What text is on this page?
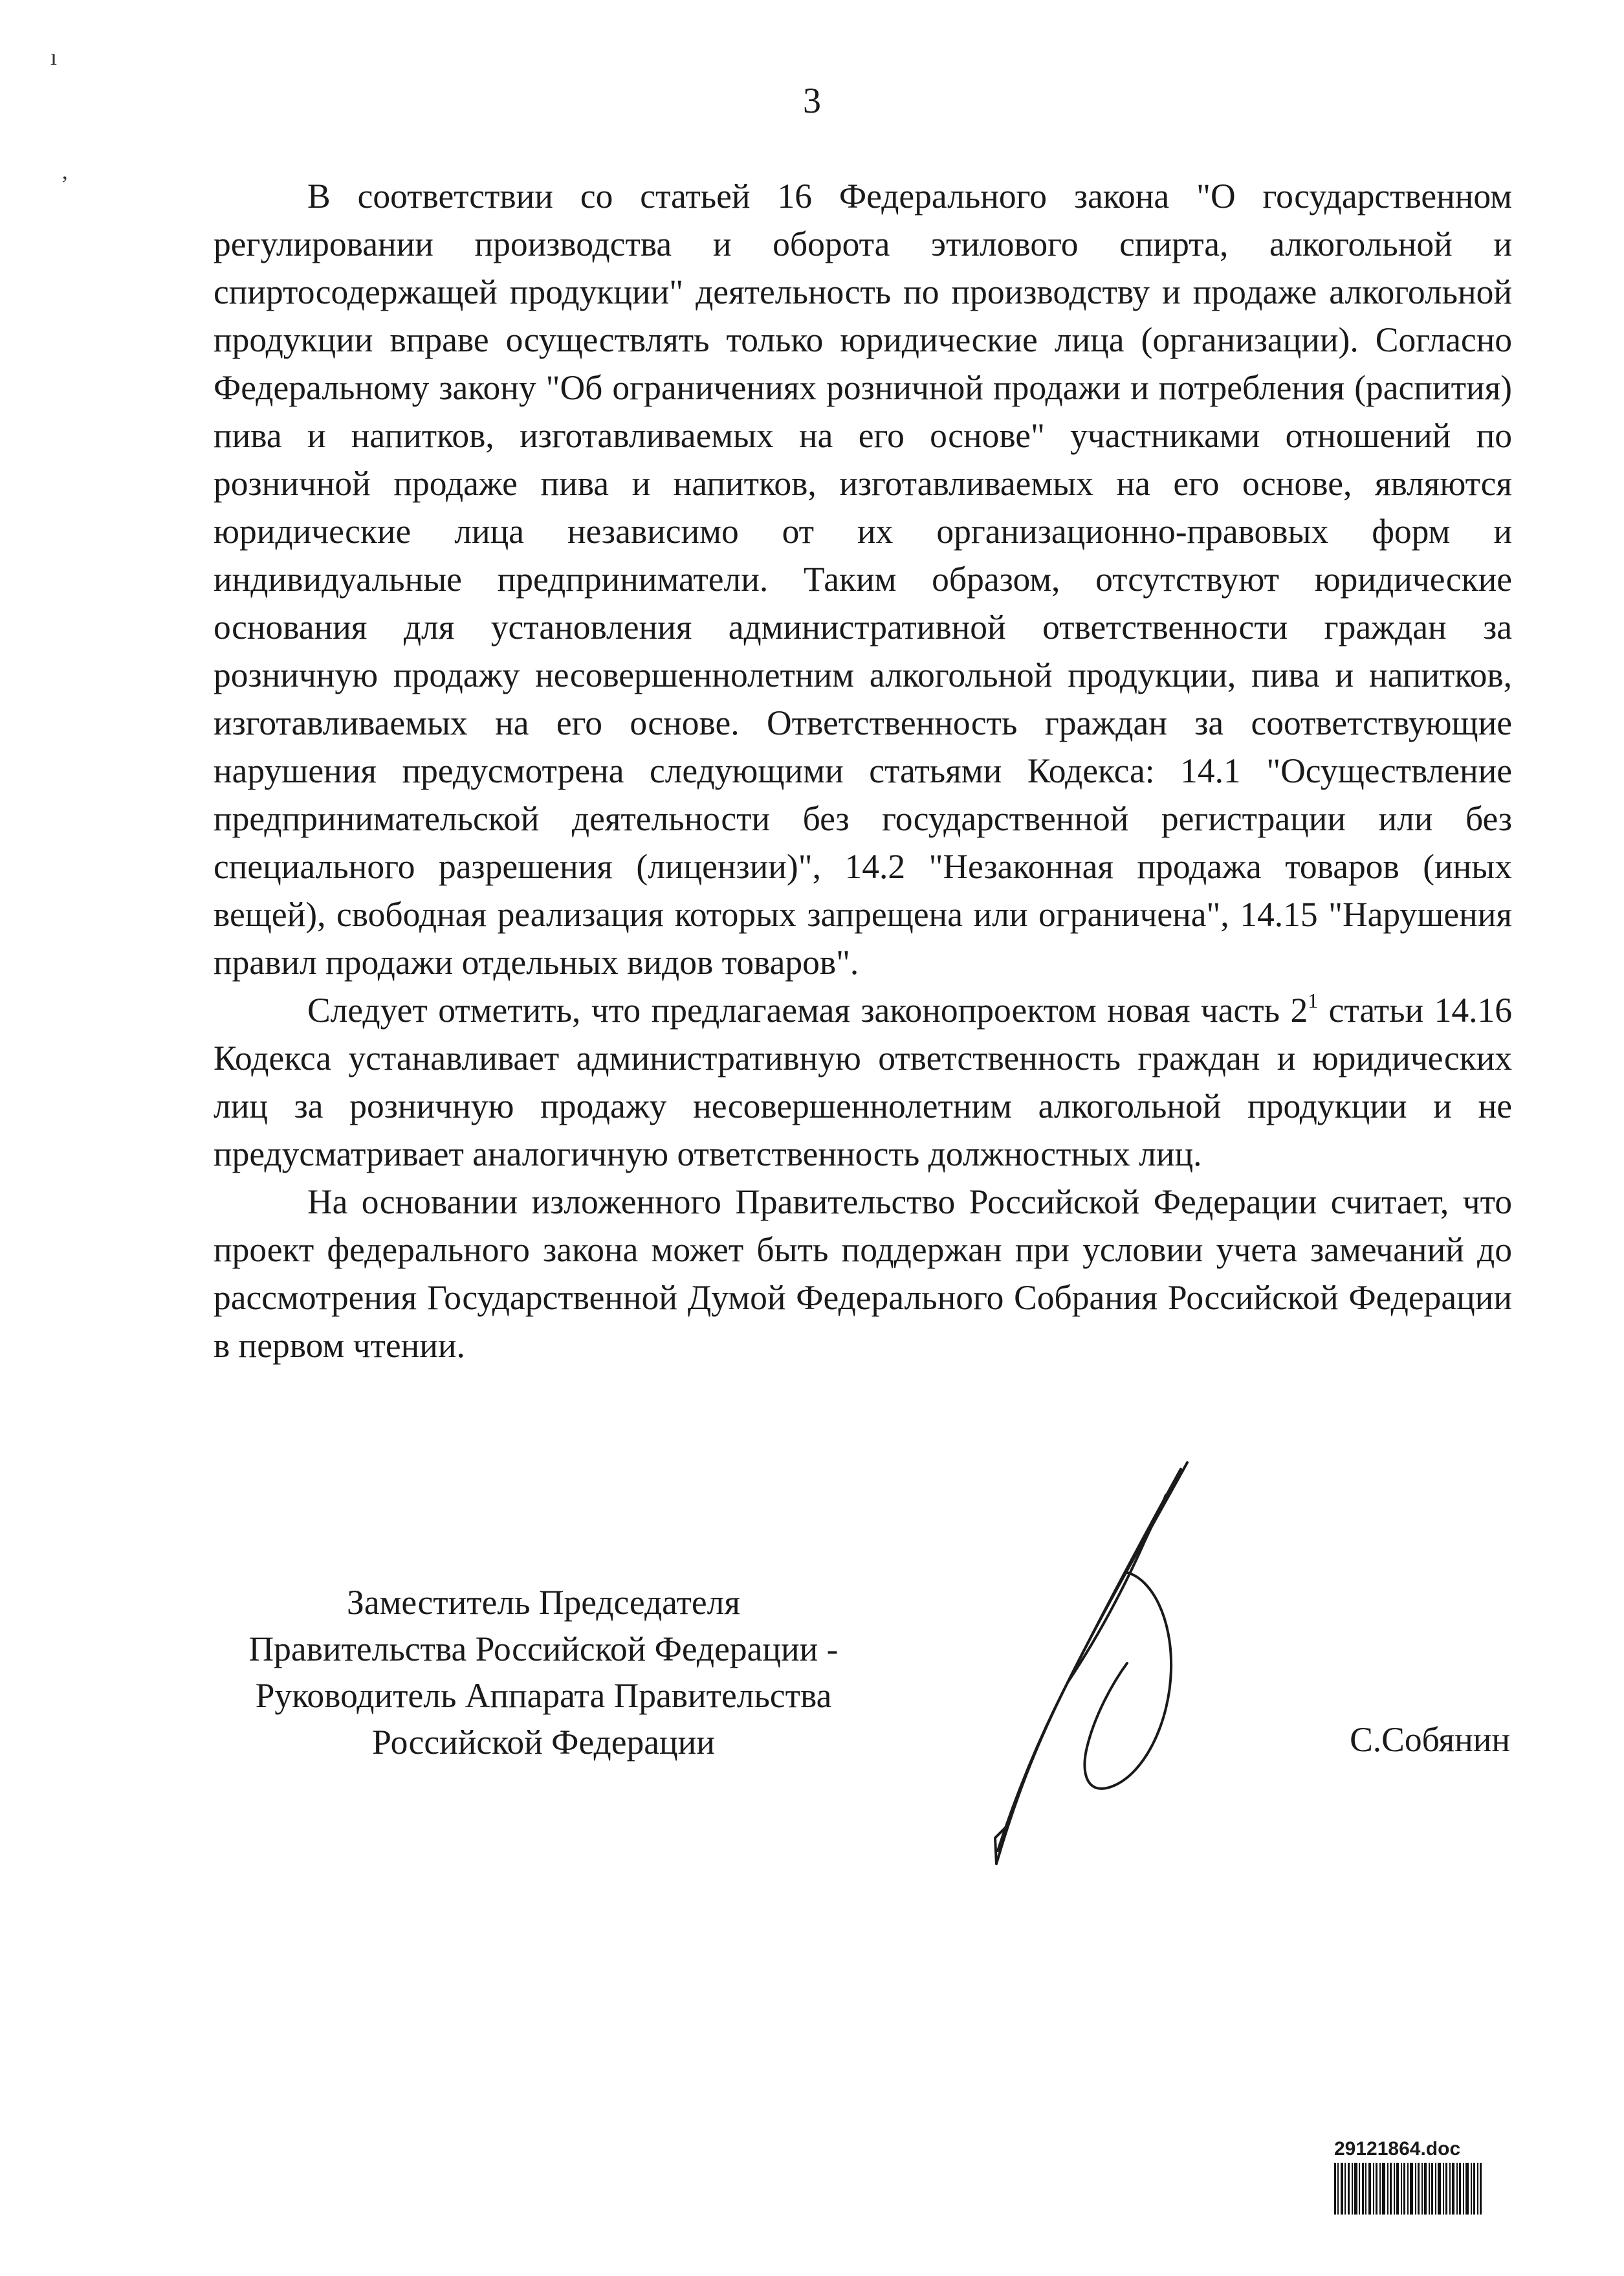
ı
‚
3

В соответствии со статьей 16 Федерального закона "О государственном регулировании производства и оборота этилового спирта, алкогольной и спиртосодержащей продукции" деятельность по производству и продаже алкогольной продукции вправе осуществлять только юридические лица (организации). Согласно Федеральному закону "Об ограничениях розничной продажи и потребления (распития) пива и напитков, изготавливаемых на его основе" участниками отношений по розничной продаже пива и напитков, изготавливаемых на его основе, являются юридические лица независимо от их организационно-правовых форм и индивидуальные предприниматели. Таким образом, отсутствуют юридические основания для установления административной ответственности граждан за розничную продажу несовершеннолетним алкогольной продукции, пива и напитков, изготавливаемых на его основе. Ответственность граждан за соответствующие нарушения предусмотрена следующими статьями Кодекса: 14.1 "Осуществление предпринимательской деятельности без государственной регистрации или без специального разрешения (лицензии)", 14.2 "Незаконная продажа товаров (иных вещей), свободная реализация которых запрещена или ограничена", 14.15 "Нарушения правил продажи отдельных видов товаров".

Следует отметить, что предлагаемая законопроектом новая часть $2^1$ статьи 14.16 Кодекса устанавливает административную ответственность граждан и юридических лиц за розничную продажу несовершеннолетним алкогольной продукции и не предусматривает аналогичную ответственность должностных лиц.

На основании изложенного Правительство Российской Федерации считает, что проект федерального закона может быть поддержан при условии учета замечаний до рассмотрения Государственной Думой Федерального Собрания Российской Федерации в первом чтении.

Заместитель Председателя
Правительства Российской Федерации -
Руководитель Аппарата Правительства
Российской Федерации	С.Собянин
29121864.doc
